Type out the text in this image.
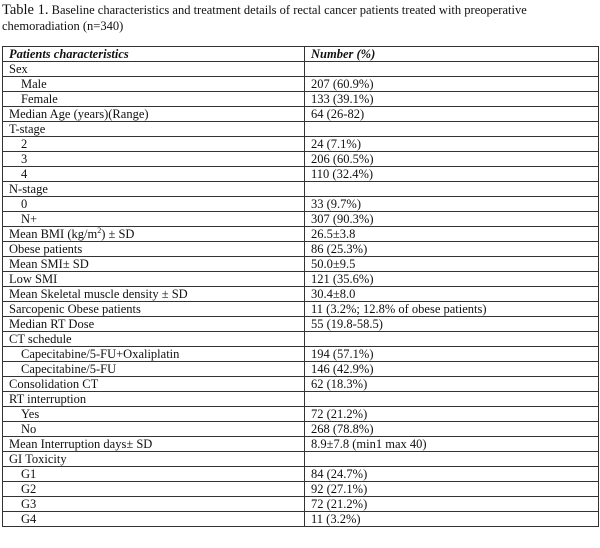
Table 1. Baseline characteristics and treatment details of rectal cancer patients treated with preoperative chemoradiation (n=340)
Patients characteristics	Number (%)
Sex	
Male	207 (60.9%)
Female	133 (39.1%)
Median Age (years)(Range)	64 (26-82)
T-stage	
2	24 (7.1%)
3	206 (60.5%)
4	110 (32.4%)
N-stage	
0	33 (9.7%)
N+	307 (90.3%)
Mean BMI $(kg/m^2)$ ± SD	26.5±3.8
Obese patients	86 (25.3%)
Mean SMI± SD	50.0±9.5
Low SMI	121 (35.6%)
Mean Skeletal muscle density ± SD	30.4±8.0
Sarcopenic Obese patients	11 (3.2%; 12.8% of obese patients)
Median RT Dose	55 (19.8-58.5)
CT schedule	
Capecitabine/5-FU+Oxaliplatin	194 (57.1%)
Capecitabine/5-FU	146 (42.9%)
Consolidation CT	62 (18.3%)
RT interruption	
Yes	72 (21.2%)
No	268 (78.8%)
Mean Interruption days± SD	8.9±7.8 (min1 max 40)
GI Toxicity	
G1	84 (24.7%)
G2	92 (27.1%)
G3	72 (21.2%)
G4	11 (3.2%)
